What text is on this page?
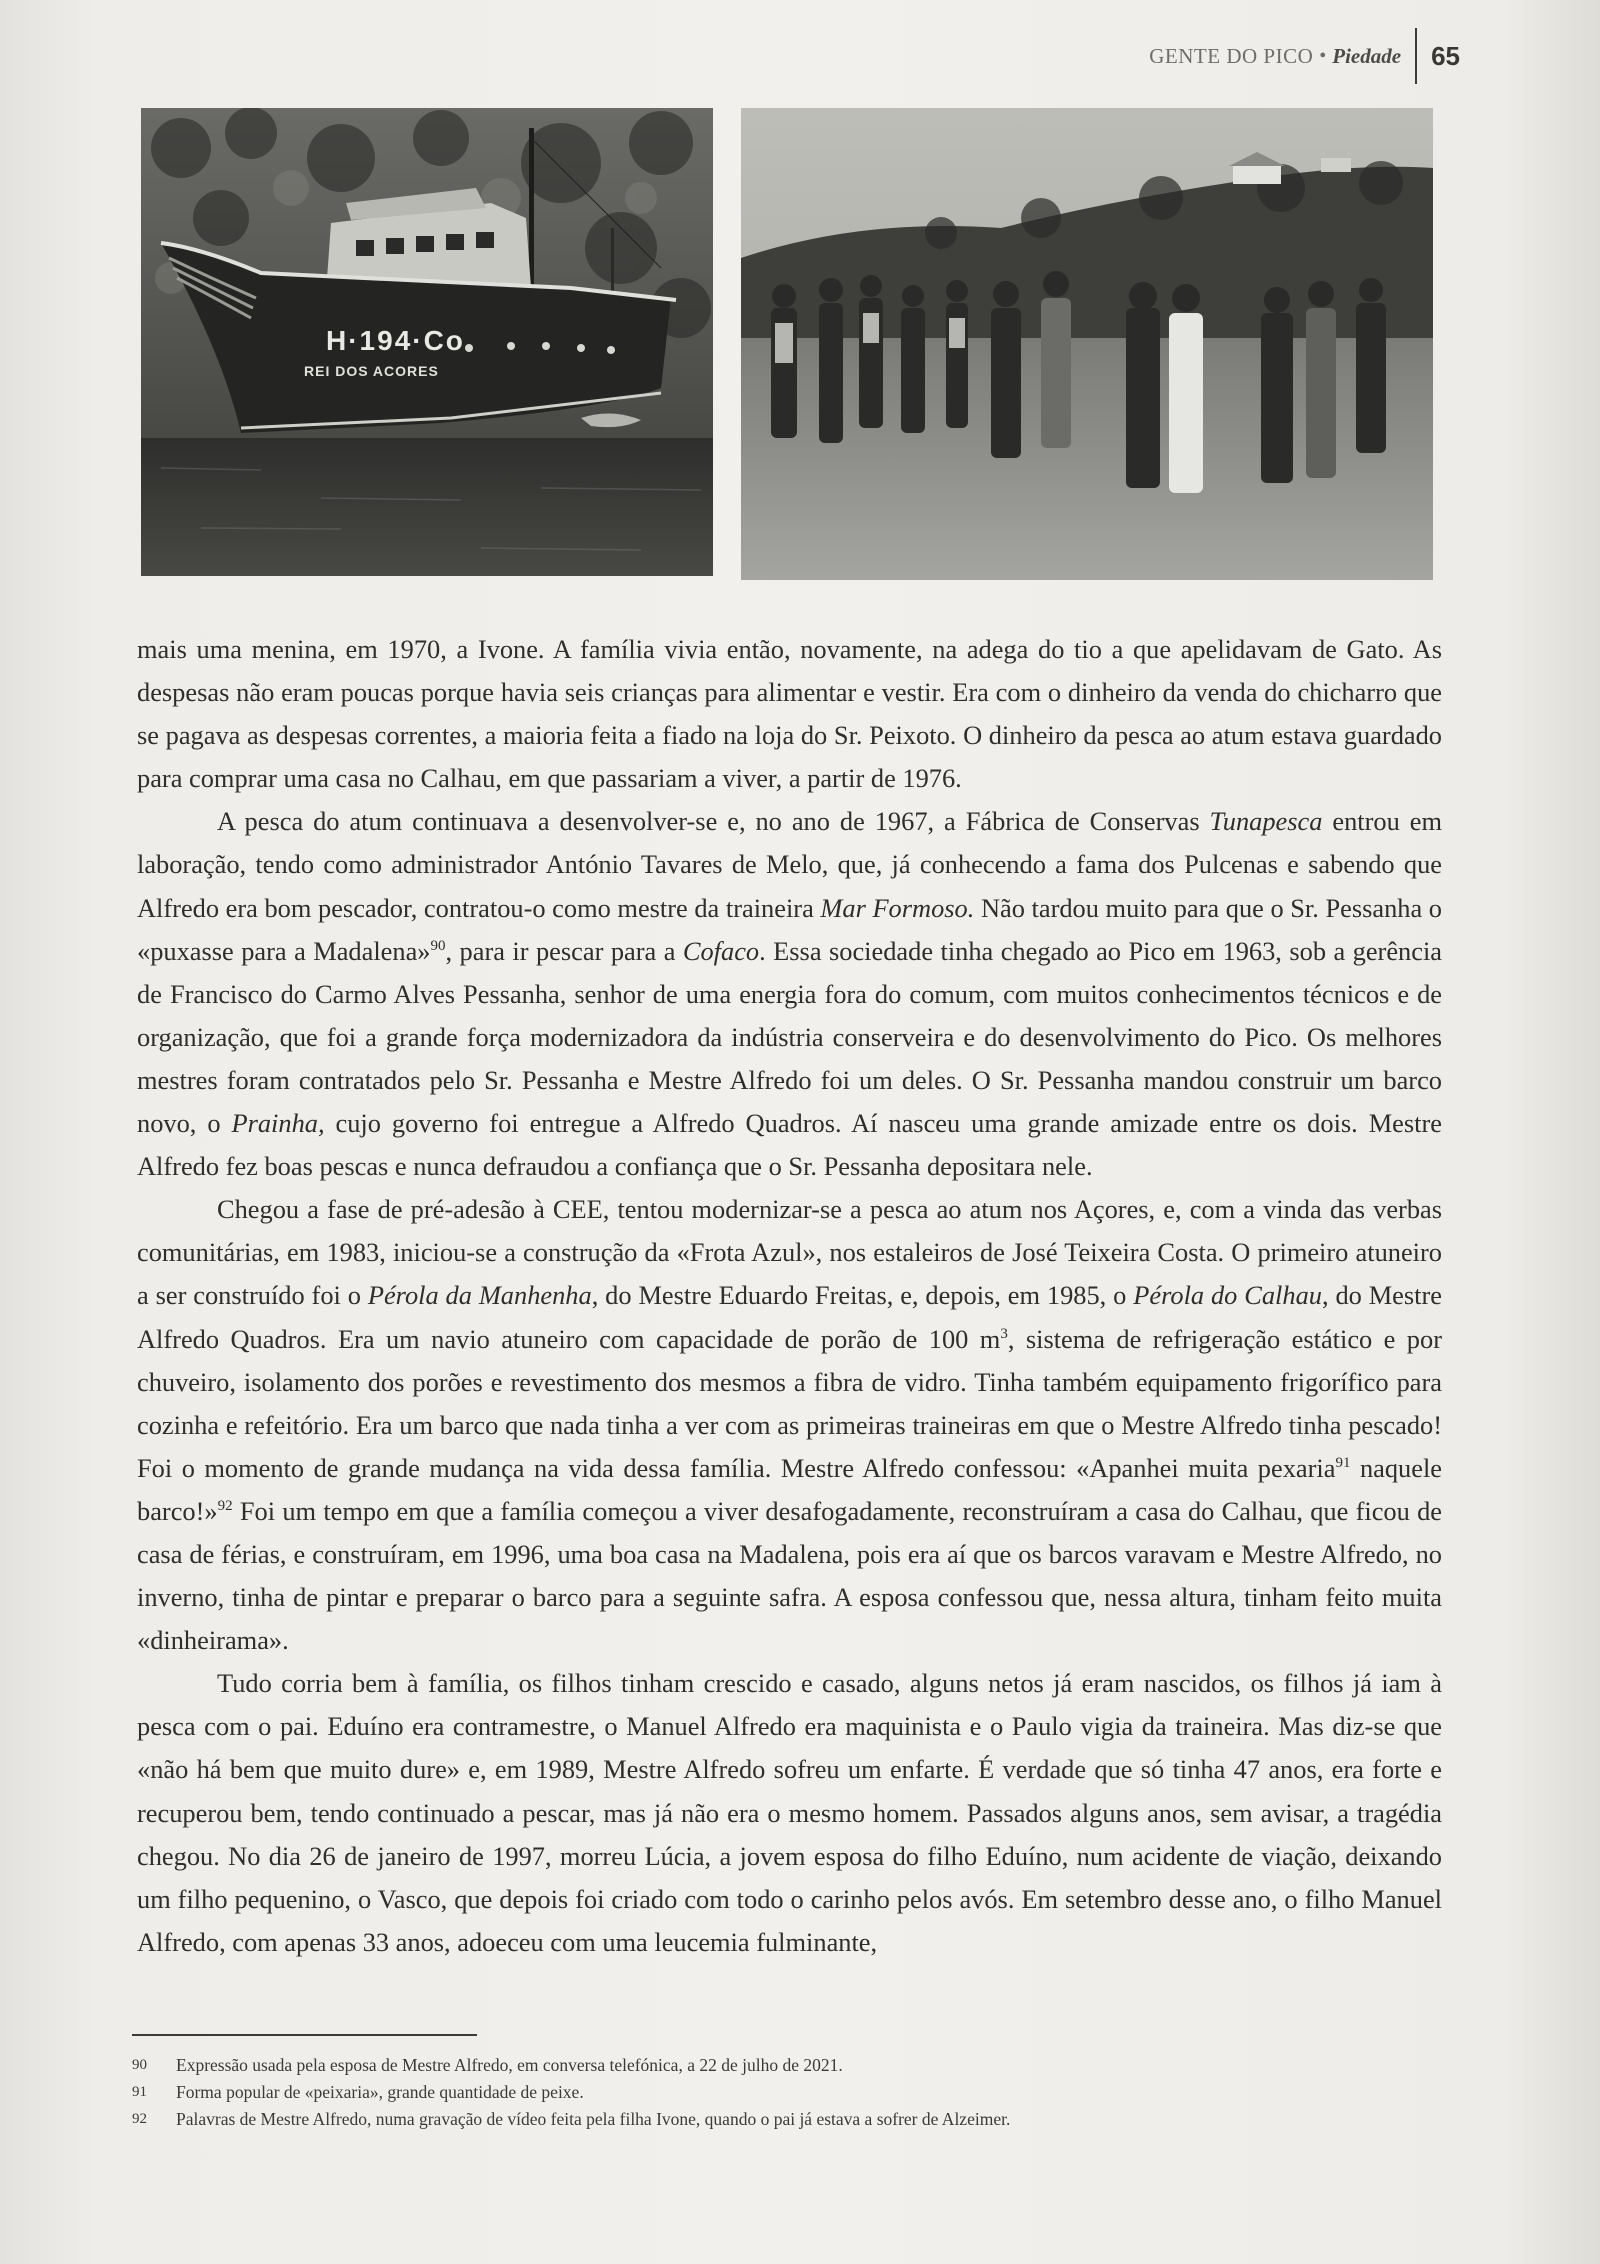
GENTE DO PICO • Piedade 65
H·194·Co
REI DOS ACORES

mais uma menina, em 1970, a Ivone. A família vivia então, novamente, na adega do tio a que apelidavam de Gato. As despesas não eram poucas porque havia seis crianças para alimentar e vestir. Era com o dinheiro da venda do chicharro que se pagava as despesas correntes, a maioria feita a fiado na loja do Sr. Peixoto. O dinheiro da pesca ao atum estava guardado para comprar uma casa no Calhau, em que passariam a viver, a partir de 1976.

A pesca do atum continuava a desenvolver-se e, no ano de 1967, a Fábrica de Conservas Tunapesca entrou em laboração, tendo como administrador António Tavares de Melo, que, já conhecendo a fama dos Pulcenas e sabendo que Alfredo era bom pescador, contratou-o como mestre da traineira Mar Formoso. Não tardou muito para que o Sr. Pessanha o «puxasse para a Madalena»$^{90}$, para ir pescar para a Cofaco. Essa sociedade tinha chegado ao Pico em 1963, sob a gerência de Francisco do Carmo Alves Pessanha, senhor de uma energia fora do comum, com muitos conhecimentos técnicos e de organização, que foi a grande força modernizadora da indústria conserveira e do desenvolvimento do Pico. Os melhores mestres foram contratados pelo Sr. Pessanha e Mestre Alfredo foi um deles. O Sr. Pessanha mandou construir um barco novo, o Prainha, cujo governo foi entregue a Alfredo Quadros. Aí nasceu uma grande amizade entre os dois. Mestre Alfredo fez boas pescas e nunca defraudou a confiança que o Sr. Pessanha depositara nele.

Chegou a fase de pré-adesão à CEE, tentou modernizar-se a pesca ao atum nos Açores, e, com a vinda das verbas comunitárias, em 1983, iniciou-se a construção da «Frota Azul», nos estaleiros de José Teixeira Costa. O primeiro atuneiro a ser construído foi o Pérola da Manhenha, do Mestre Eduardo Freitas, e, depois, em 1985, o Pérola do Calhau, do Mestre Alfredo Quadros. Era um navio atuneiro com capacidade de porão de 100 $m^3$, sistema de refrigeração estático e por chuveiro, isolamento dos porões e revestimento dos mesmos a fibra de vidro. Tinha também equipamento frigorífico para cozinha e refeitório. Era um barco que nada tinha a ver com as primeiras traineiras em que o Mestre Alfredo tinha pescado! Foi o momento de grande mudança na vida dessa família. Mestre Alfredo confessou: «Apanhei muita pexaria$^{91}$ naquele barco!»$^{92}$ Foi um tempo em que a família começou a viver desafogadamente, reconstruíram a casa do Calhau, que ficou de casa de férias, e construíram, em 1996, uma boa casa na Madalena, pois era aí que os barcos varavam e Mestre Alfredo, no inverno, tinha de pintar e preparar o barco para a seguinte safra. A esposa confessou que, nessa altura, tinham feito muita «dinheirama».

Tudo corria bem à família, os filhos tinham crescido e casado, alguns netos já eram nascidos, os filhos já iam à pesca com o pai. Eduíno era contramestre, o Manuel Alfredo era maquinista e o Paulo vigia da traineira. Mas diz-se que «não há bem que muito dure» e, em 1989, Mestre Alfredo sofreu um enfarte. É verdade que só tinha 47 anos, era forte e recuperou bem, tendo continuado a pescar, mas já não era o mesmo homem. Passados alguns anos, sem avisar, a tragédia chegou. No dia 26 de janeiro de 1997, morreu Lúcia, a jovem esposa do filho Eduíno, num acidente de viação, deixando um filho pequenino, o Vasco, que depois foi criado com todo o carinho pelos avós. Em setembro desse ano, o filho Manuel Alfredo, com apenas 33 anos, adoeceu com uma leucemia fulminante,

90	Expressão usada pela esposa de Mestre Alfredo, em conversa telefónica, a 22 de julho de 2021.
91	Forma popular de «peixaria», grande quantidade de peixe.
92	Palavras de Mestre Alfredo, numa gravação de vídeo feita pela filha Ivone, quando o pai já estava a sofrer de Alzeimer.
